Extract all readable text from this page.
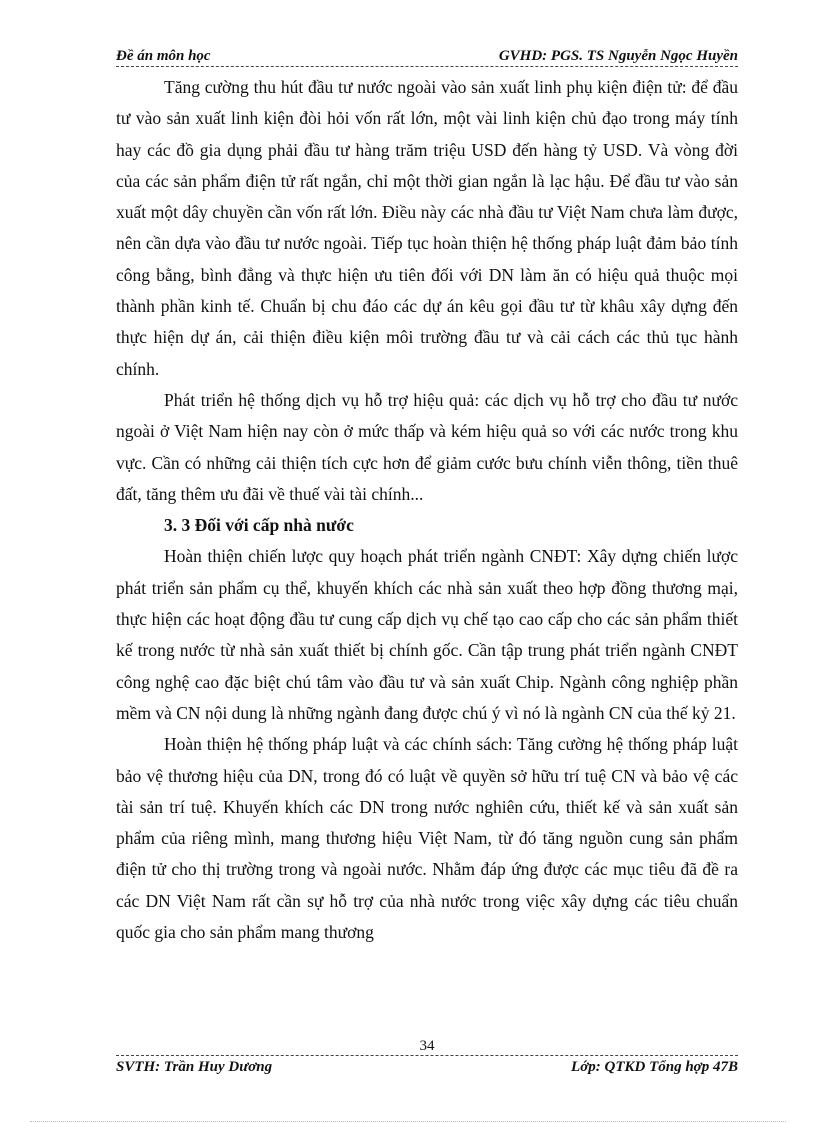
Đề án môn học	GVHD: PGS. TS Nguyễn Ngọc Huyền

Tăng cường thu hút đầu tư nước ngoài vào sản xuất linh phụ kiện điện tử: để đầu tư vào sản xuất linh kiện đòi hỏi vốn rất lớn, một vài linh kiện chủ đạo trong máy tính hay các đồ gia dụng phải đầu tư hàng trăm triệu USD đến hàng tỷ USD. Và vòng đời của các sản phẩm điện tử rất ngắn, chỉ một thời gian ngắn là lạc hậu. Để đầu tư vào sản xuất một dây chuyền cần vốn rất lớn. Điều này các nhà đầu tư Việt Nam chưa làm được, nên cần dựa vào đầu tư nước ngoài. Tiếp tục hoàn thiện hệ thống pháp luật đảm bảo tính công bằng, bình đẳng và thực hiện ưu tiên đối với DN làm ăn có hiệu quả thuộc mọi thành phần kinh tế. Chuẩn bị chu đáo các dự án kêu gọi đầu tư từ khâu xây dựng đến thực hiện dự án, cải thiện điều kiện môi trường đầu tư và cải cách các thủ tục hành chính.

Phát triển hệ thống dịch vụ hỗ trợ hiệu quả: các dịch vụ hỗ trợ cho đầu tư nước ngoài ở Việt Nam hiện nay còn ở mức thấp và kém hiệu quả so với các nước trong khu vực. Cần có những cải thiện tích cực hơn để giảm cước bưu chính viễn thông, tiền thuê đất, tăng thêm ưu đãi về thuế vài tài chính...

3. 3 Đối với cấp nhà nước

Hoàn thiện chiến lược quy hoạch phát triển ngành CNĐT: Xây dựng chiến lược phát triển sản phẩm cụ thể, khuyến khích các nhà sản xuất theo hợp đồng thương mại, thực hiện các hoạt động đầu tư cung cấp dịch vụ chế tạo cao cấp cho các sản phẩm thiết kế trong nước từ nhà sản xuất thiết bị chính gốc. Cần tập trung phát triển ngành CNĐT công nghệ cao đặc biệt chú tâm vào đầu tư và sản xuất Chip. Ngành công nghiệp phần mềm và CN nội dung là những ngành đang được chú ý vì nó là ngành CN của thế kỷ 21.

Hoàn thiện hệ thống pháp luật và các chính sách: Tăng cường hệ thống pháp luật bảo vệ thương hiệu của DN, trong đó có luật về quyền sở hữu trí tuệ CN và bảo vệ các tài sản trí tuệ. Khuyến khích các DN trong nước nghiên cứu, thiết kế và sản xuất sản phẩm của riêng mình, mang thương hiệu Việt Nam, từ đó tăng nguồn cung sản phẩm điện tử cho thị trường trong và ngoài nước. Nhằm đáp ứng được các mục tiêu đã đề ra các DN Việt Nam rất cần sự hỗ trợ của nhà nước trong việc xây dựng các tiêu chuẩn quốc gia cho sản phẩm mang thương

34
SVTH: Trần Huy Dương	Lớp: QTKD Tổng hợp 47B
